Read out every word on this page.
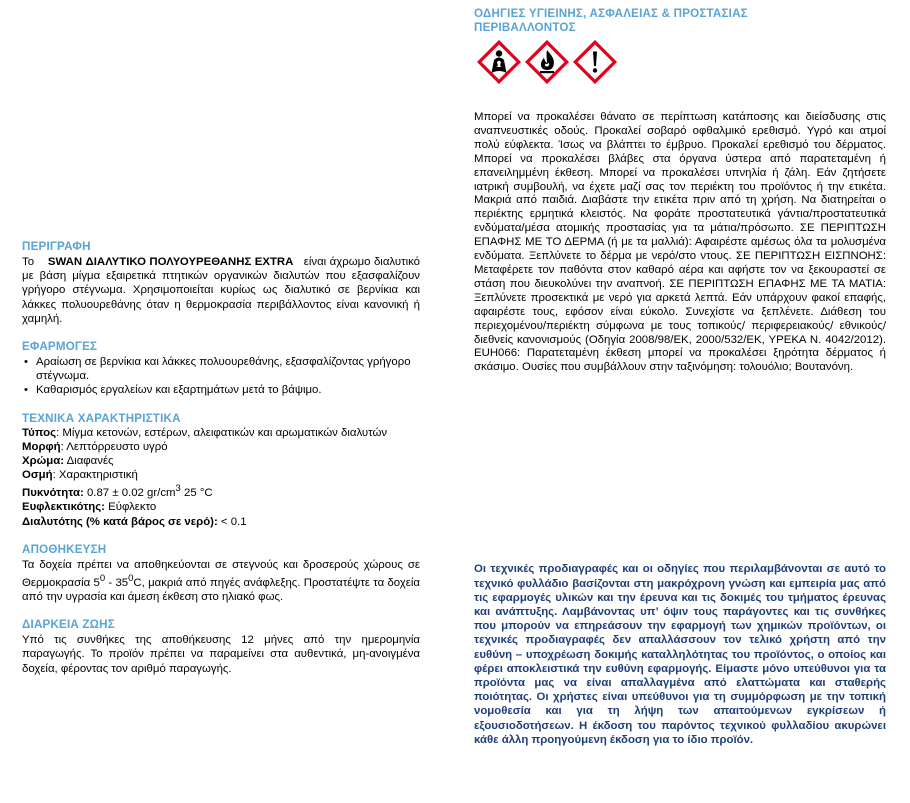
ΟΔΗΓΙΕΣ ΥΓΙΕΙΝΗΣ, ΑΣΦΑΛΕΙΑΣ & ΠΡΟΣΤΑΣΙΑΣ
ΠΕΡΙΒΑΛΛΟΝΤΟΣ

Μπορεί να προκαλέσει θάνατο σε περίπτωση κατάποσης και διείσδυσης στις αναπνευστικές οδούς. Προκαλεί σοβαρό οφθαλμικό ερεθισμό. Υγρό και ατμοί πολύ εύφλεκτα. Ίσως να βλάπτει το έμβρυο. Προκαλεί ερεθισμό του δέρματος. Μπορεί να προκαλέσει βλάβες στα όργανα ύστερα από παρατεταμένη ή επανειλημμένη έκθεση. Μπορεί να προκαλέσει υπνηλία ή ζάλη. Εάν ζητήσετε ιατρική συμβουλή, να έχετε μαζί σας τον περιέκτη του προϊόντος ή την ετικέτα. Μακριά από παιδιά. Διαβάστε την ετικέτα πριν από τη χρήση. Να διατηρείται ο περιέκτης ερμητικά κλειστός. Να φοράτε προστατευτικά γάντια/προστατευτικά ενδύματα/μέσα ατομικής προστασίας για τα μάτια/πρόσωπο. ΣΕ ΠΕΡΙΠΤΩΣΗ ΕΠΑΦΗΣ ΜΕ ΤΟ ΔΕΡΜΑ (ή με τα μαλλιά): Αφαιρέστε αμέσως όλα τα μολυσμένα ενδύματα. Ξεπλύνετε το δέρμα με νερό/στο ντους. ΣΕ ΠΕΡΙΠΤΩΣΗ ΕΙΣΠΝΟΗΣ: Μεταφέρετε τον παθόντα στον καθαρό αέρα και αφήστε τον να ξεκουραστεί σε στάση που διευκολύνει την αναπνοή. ΣΕ ΠΕΡΙΠΤΩΣΗ ΕΠΑΦΗΣ ΜΕ ΤΑ ΜΑΤΙΑ: Ξεπλύνετε προσεκτικά με νερό για αρκετά λεπτά. Εάν υπάρχουν φακοί επαφής, αφαιρέστε τους, εφόσον είναι εύκολο. Συνεχίστε να ξεπλένετε. Διάθεση του περιεχομένου/περιέκτη σύμφωνα με τους τοπικούς/ περιφερειακούς/ εθνικούς/διεθνείς κανονισμούς (Οδηγία 2008/98/ΕΚ, 2000/532/ΕΚ, ΥΡΕΚΑ Ν. 4042/2012). EUH066: Παρατεταμένη έκθεση μπορεί να προκαλέσει ξηρότητα δέρματος ή σκάσιμο. Ουσίες που συμβάλλουν στην ταξινόμηση: τολουόλιο; Βουτανόνη.

ΠΕΡΙΓΡΑΦΗ

Το SWAN ΔΙΑΛΥΤΙΚΟ ΠΟΛΥΟΥΡΕΘΑΝΗΣ EXTRA είναι άχρωμο διαλυτικό με βάση μίγμα εξαιρετικά πτητικών οργανικών διαλυτών που εξασφαλίζουν γρήγορο στέγνωμα. Χρησιμοποιείται κυρίως ως διαλυτικό σε βερνίκια και λάκκες πολυουρεθάνης όταν η θερμοκρασία περιβάλλοντος είναι κανονική ή χαμηλή.

ΕΦΑΡΜΟΓΕΣ

• Αραίωση σε βερνίκια και λάκκες πολυουρεθάνης, εξασφαλίζοντας γρήγορο στέγνωμα.
• Καθαρισμός εργαλείων και εξαρτημάτων μετά το βάψιμο.

ΤΕΧΝΙΚΑ ΧΑΡΑΚΤΗΡΙΣΤΙΚΑ

Τύπος: Μίγμα κετονών, εστέρων, αλειφατικών και αρωματικών διαλυτών

Μορφή: Λεπτόρρευστο υγρό

Χρώμα: Διαφανές

Οσμή: Χαρακτηριστική

Πυκνότητα: 0.87 ± 0.02 $gr/cm^3$ 25 °C

Ευφλεκτικότης: Εύφλεκτο

Διαλυτότης (% κατά βάρος σε νερό): < 0.1

ΑΠΟΘΗΚΕΥΣΗ

Τα δοχεία πρέπει να αποθηκεύονται σε στεγνούς και δροσερούς χώρους σε Θερμοκρασία $5^0 - 35^0C$, μακριά από πηγές ανάφλεξης. Προστατέψτε τα δοχεία από την υγρασία και άμεση έκθεση στο ηλιακό φως.

ΔΙΑΡΚΕΙΑ ΖΩΗΣ

Υπό τις συνθήκες της αποθήκευσης 12 μήνες από την ημερομηνία παραγωγής. Το προϊόν πρέπει να παραμείνει στα αυθεντικά, μη-ανοιγμένα δοχεία, φέροντας τον αριθμό παραγωγής.

Οι τεχνικές προδιαγραφές και οι οδηγίες που περιλαμβάνονται σε αυτό το τεχνικό φυλλάδιο βασίζονται στη μακρόχρονη γνώση και εμπειρία μας από τις εφαρμογές υλικών και την έρευνα και τις δοκιμές του τμήματος έρευνας και ανάπτυξης. Λαμβάνοντας υπ’ όψιν τους παράγοντες και τις συνθήκες που μπορούν να επηρεάσουν την εφαρμογή των χημικών προϊόντων, οι τεχνικές προδιαγραφές δεν απαλλάσσουν τον τελικό χρήστη από την ευθύνη – υποχρέωση δοκιμής καταλληλότητας του προϊόντος, ο οποίος και φέρει αποκλειστικά την ευθύνη εφαρμογής. Είμαστε μόνο υπεύθυνοι για τα προϊόντα μας να είναι απαλλαγμένα από ελαττώματα και σταθερής ποιότητας. Οι χρήστες είναι υπεύθυνοι για τη συμμόρφωση με την τοπική νομοθεσία και για τη λήψη των απαιτούμενων εγκρίσεων ή εξουσιοδοτήσεων. Η έκδοση του παρόντος τεχνικού φυλλαδίου ακυρώνει κάθε άλλη προηγούμενη έκδοση για το ίδιο προϊόν.
